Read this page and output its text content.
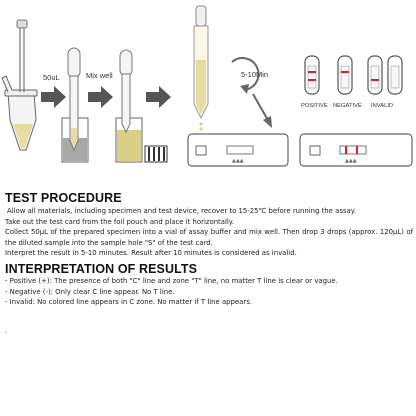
50uL	Mix well
▲▲▲
5-10Min
▲▲▲
POSITIVE NEGATIVE INVALID
TEST PROCEDURE

Allow all materials, including specimen and test device, recover to 15-25℃ before running the assay.

Take out the test card from the foil pouch and place it horizontally.

Collect 50μL of the prepared specimen into a vial of assay buffer and mix well. Then drop 3 drops (approx. 120μL) of the diluted sample into the sample hole "S" of the test card.

Interpret the result in 5-10 minutes. Result after 10 minutes is considered as invalid.

INTERPRETATION OF RESULTS

- Positive (+): The presence of both "C" line and zone "T" line, no matter T line is clear or vague.

- Negative (-): Only clear C line appear. No T line.

- Invalid: No colored line appears in C zone. No matter if T line appears.

.
